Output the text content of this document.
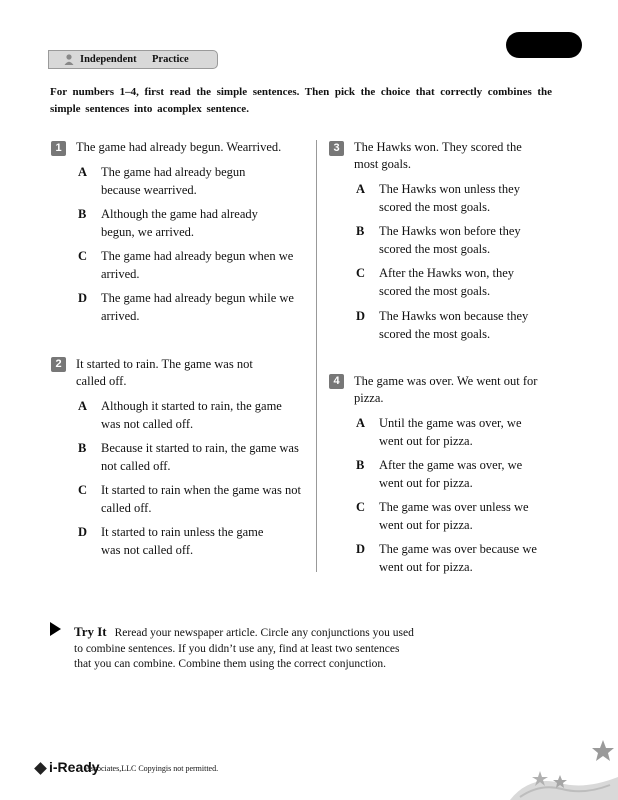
Independent Practice
For numbers 1–4, first read the simple sentences. Then pick the choice that correctly combines the simple sentences into acomplex sentence.
1	The game had already begun. Wearrived.
A The game had already begun because wearrived.
B Although the game had already begun, we arrived.
C The game had already begun when we arrived.
D The game had already begun while we arrived.
2	It started to rain. The game was not called off.
A Although it started to rain, the game was not called off.
B Because it started to rain, the game was not called off.
C It started to rain when the game was not called off.
D It started to rain unless the game was not called off.
3	The Hawks won. They scored the most goals.
A The Hawks won unless they scored the most goals.
B The Hawks won before they scored the most goals.
C After the Hawks won, they scored the most goals.
D The Hawks won because they scored the most goals.
4	The game was over. We went out for pizza.
A Until the game was over, we went out for pizza.
B After the game was over, we went out for pizza.
C The game was over unless we went out for pizza.
D The game was over because we went out for pizza.
Try It Reread your newspaper article. Circle any conjunctions you used to combine sentences. If you didn’t use any, find at least two sentences that you can combine. Combine them using the correct conjunction.
i-Ready
Associates,LLC Copyingis not permitted.
